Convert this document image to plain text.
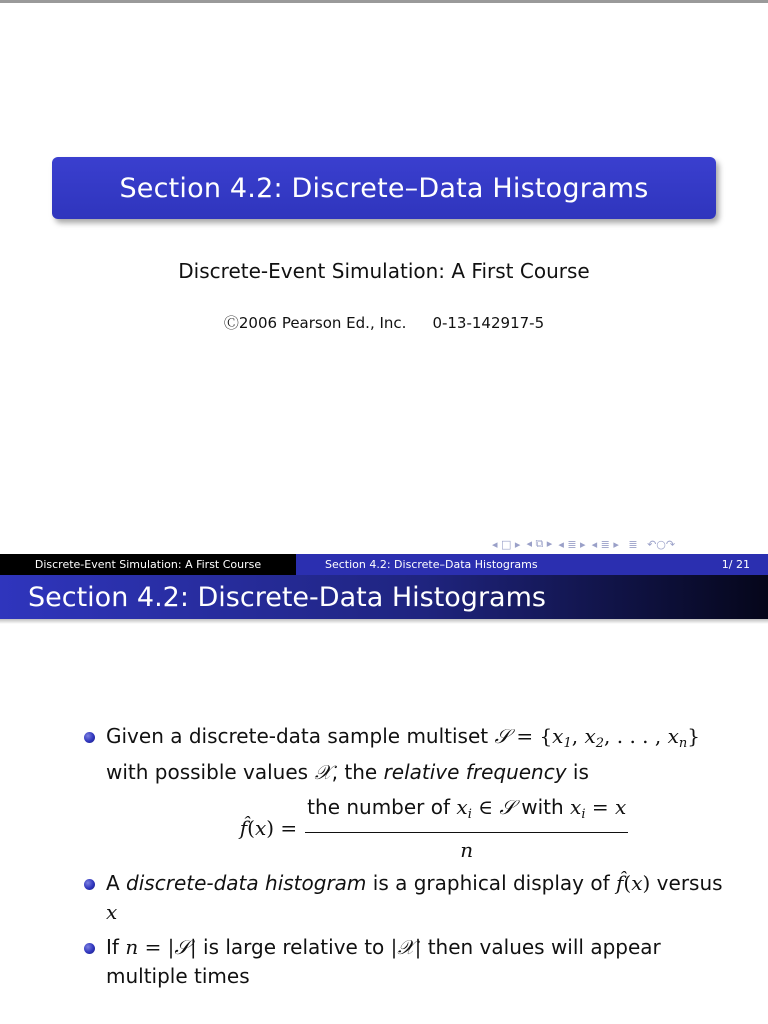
Section 4.2: Discrete–Data Histograms
Discrete-Event Simulation: A First Course
Ⓒ2006 Pearson Ed., Inc. 0-13-142917-5
◂ □ ▸ ◂ ⧉ ▸ ◂ ≣ ▸ ◂ ≣ ▸ ≣ ↶○↷
Discrete-Event Simulation: A First Course	Section 4.2: Discrete–Data Histograms	1/ 21
Section 4.2: Discrete-Data Histograms
Given a discrete-data sample multiset 𝒮 = {$x_1$, $x_2$, . . . , $x_n$}
with possible values 𝒳, the relative frequency is
f̂(x) = $\frac{the number of x_i \in 𝒮 with x_i = x}{n}$
A discrete-data histogram is a graphical display of f̂(x) versus
x
If n = |𝒮| is large relative to |𝒳| then values will appear multiple times
